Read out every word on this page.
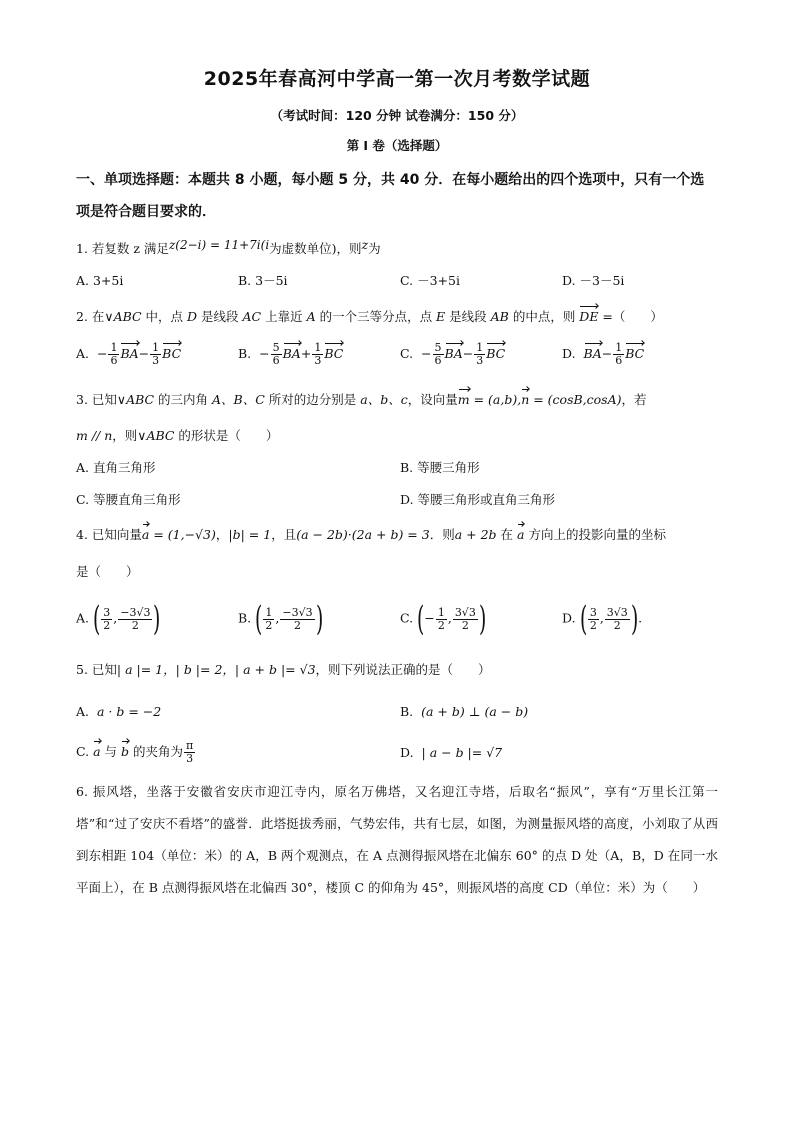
2025年春高河中学高一第一次月考数学试题
（考试时间：120 分钟 试卷满分：150 分）
第 I 卷（选择题）
一、单项选择题：本题共 8 小题，每小题 5 分，共 40 分．在每小题给出的四个选项中，只有一个选项是符合题目要求的．
1. 若复数 z 满足z(2−i) = 11+7i(i为虚数单位)，则z为
A. 3+5i	B. 3－5i	C. －3+5i	D. －3－5i
2. 在∨ABC 中，点 D 是线段 AC 上靠近 A 的一个三等分点，点 E 是线段 AB 的中点，则 DE =（　　）
A.  − $\frac{1}{6} BA- \frac{1}{3}$ BC	B.  − $\frac{5}{6} BA+ \frac{1}{3}$ BC	C.  − $\frac{5}{6} BA- \frac{1}{3}$ BC	D. $BA- \frac{1}{6}$ BC
3. 已知∨ABC 的三内角 A、B、C 所对的边分别是 a、b、c，设向量m = (a,b),n = (cosB,cosA)，若
m // n，则∨ABC 的形状是（　　）
A. 直角三角形	B. 等腰三角形
C. 等腰直角三角形	D. 等腰三角形或直角三角形
4. 已知向量a = (1,−√3)，|b| = 1，且(a − 2b)·(2a + b) = 3．则a + 2b 在 a 方向上的投影向量的坐标
是（　　）
A. ( $\frac{3}{2}$ , $\frac{-3√3}{2}$ )	B. ( $\frac{1}{2}$ , $\frac{-3√3}{2}$ )	C. (− $\frac{1}{2}$ , $\frac{3√3}{2}$ )	D. ( $\frac{3}{2}$ , $\frac{3√3}{2}$ ).
5. 已知| a |= 1，| b |= 2，| a + b |= √3，则下列说法正确的是（　　）
A. a · b = −2	B. (a + b) ⊥ (a − b)
C. a 与 b 的夹角为 $\frac{\pi}{3}$	D. | a − b |= √7
6. 振风塔，坐落于安徽省安庆市迎江寺内，原名万佛塔，又名迎江寺塔，后取名“振风”，享有“万里长江第一塔”和“过了安庆不看塔”的盛誉．此塔挺拔秀丽，气势宏伟，共有七层，如图，为测量振风塔的高度，小刘取了从西到东相距 104（单位：米）的 A，B 两个观测点，在 A 点测得振风塔在北偏东 60° 的点 D 处（A，B，D 在同一水平面上），在 B 点测得振风塔在北偏西 30°，楼顶 C 的仰角为 45°，则振风塔的高度 CD（单位：米）为（　　）
